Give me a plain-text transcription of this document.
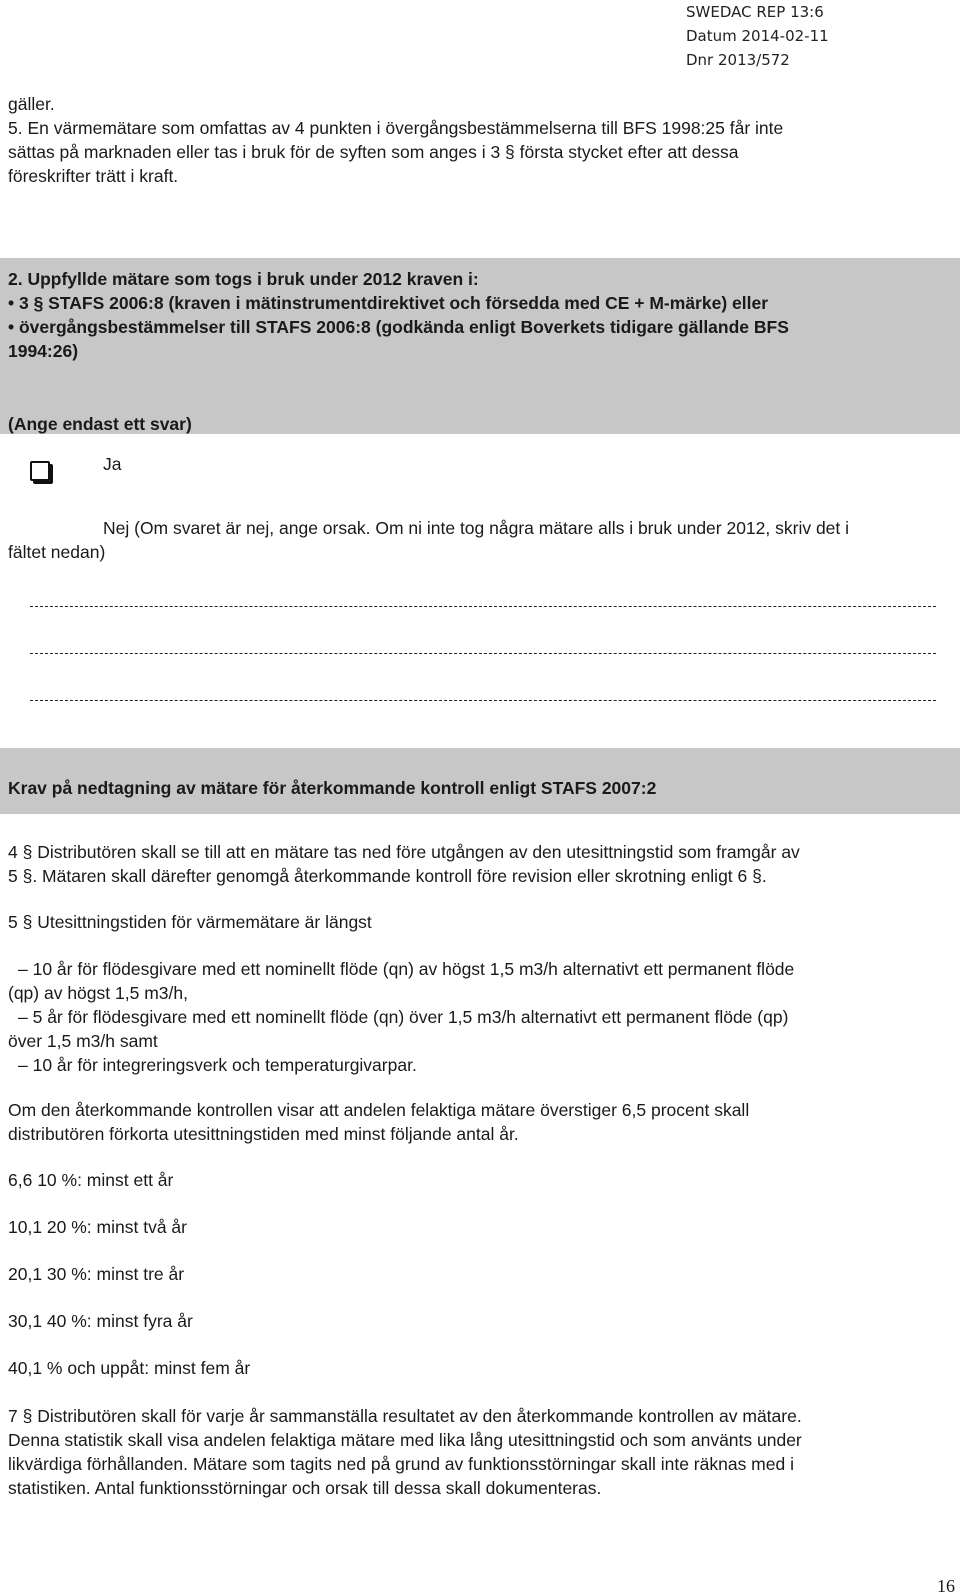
SWEDAC REP 13:6
Datum 2014-02-11
Dnr 2013/572
gäller.
5. En värmemätare som omfattas av 4 punkten i övergångsbestämmelserna till BFS 1998:25 får inte
sättas på marknaden eller tas i bruk för de syften som anges i 3 § första stycket efter att dessa
föreskrifter trätt i kraft.
2. Uppfyllde mätare som togs i bruk under 2012 kraven i:
• 3 § STAFS 2006:8 (kraven i mätinstrumentdirektivet och försedda med CE + M-märke) eller
• övergångsbestämmelser till STAFS 2006:8 (godkända enligt Boverkets tidigare gällande BFS
1994:26)
(Ange endast ett svar)
Ja
Nej (Om svaret är nej, ange orsak. Om ni inte tog några mätare alls i bruk under 2012, skriv det i
fältet nedan)
Krav på nedtagning av mätare för återkommande kontroll enligt STAFS 2007:2
4 § Distributören skall se till att en mätare tas ned före utgången av den utesittningstid som framgår av
5 §. Mätaren skall därefter genomgå återkommande kontroll före revision eller skrotning enligt 6 §.
5 § Utesittningstiden för värmemätare är längst
– 10 år för flödesgivare med ett nominellt flöde (qn) av högst 1,5 m3/h alternativt ett permanent flöde
(qp) av högst 1,5 m3/h,
– 5 år för flödesgivare med ett nominellt flöde (qn) över 1,5 m3/h alternativt ett permanent flöde (qp)
över 1,5 m3/h samt
– 10 år för integreringsverk och temperaturgivarpar.
Om den återkommande kontrollen visar att andelen felaktiga mätare överstiger 6,5 procent skall
distributören förkorta utesittningstiden med minst följande antal år.
6,6 10 %: minst ett år
10,1 20 %: minst två år
20,1 30 %: minst tre år
30,1 40 %: minst fyra år
40,1 % och uppåt: minst fem år
7 § Distributören skall för varje år sammanställa resultatet av den återkommande kontrollen av mätare.
Denna statistik skall visa andelen felaktiga mätare med lika lång utesittningstid och som använts under
likvärdiga förhållanden. Mätare som tagits ned på grund av funktionsstörningar skall inte räknas med i
statistiken. Antal funktionsstörningar och orsak till dessa skall dokumenteras.
16
